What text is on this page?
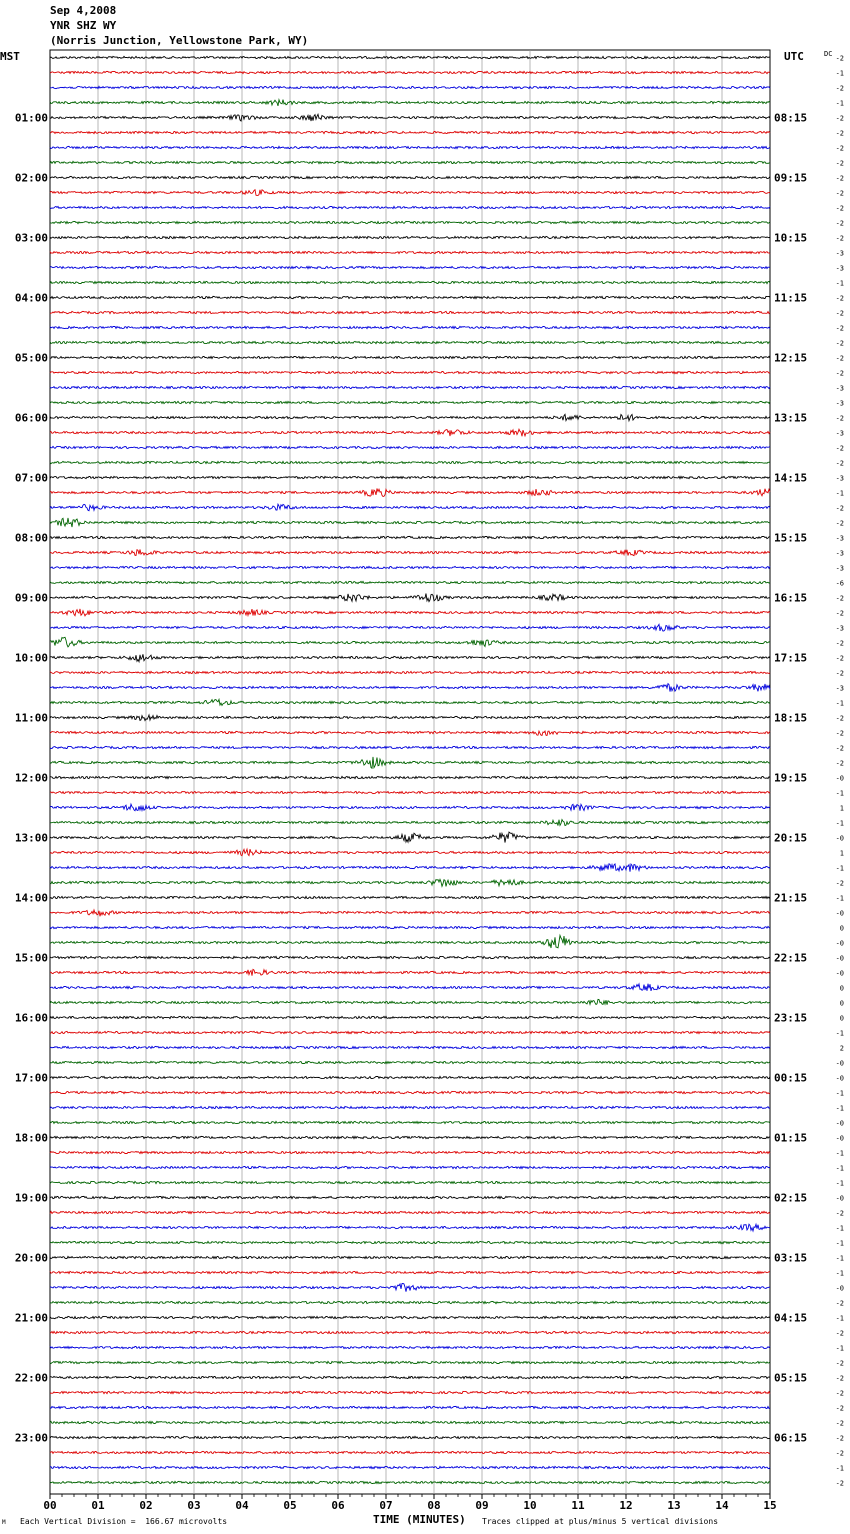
Sep 4,2008
YNR SHZ WY
(Norris Junction, Yellowstone Park, WY)
MST	UTC	DC
-2
-1
-2
-1
-2
-2
-2
-2
-2
-2
-2
-2
-2
-3
-3
-1
-2
-2
-2
-2
-2
-2
-3
-3
-2
-3
-2
-2
-3
-1
-2
-2
-3
-3
-3
-6
-2
-2
-3
-2
-2
-2
-3
-1
-2
-2
-2
-2
-0
-1
1
-1
-0
1
-1
-2
-1
-0
0
-0
-0
-0
0
0
0
-1
2
-0
-0
-1
-1
-0
-0
-1
-1
-1
-0
-2
-1
-1
-1
-1
-0
-2
-1
-2
-1
-2
-2
-2
-2
-2
-2
-2
-1
-2
01:00
02:00
03:00
04:00
05:00
06:00
07:00
08:00
09:00
10:00
11:00
12:00
13:00
14:00
15:00
16:00
17:00
18:00
19:00
20:00
21:00
22:00
23:00
08:15
09:15
10:15
11:15
12:15
13:15
14:15
15:15
16:15
17:15
18:15
19:15
20:15
21:15
22:15
23:15
00:15
01:15
02:15
03:15
04:15
05:15
06:15
00	01	02	03	04	05	06	07	08	09	10	11	12	13	14	15
M Each Vertical Division =  166.67 microvolts	TIME (MINUTES) Traces clipped at plus/minus 5 vertical divisions
